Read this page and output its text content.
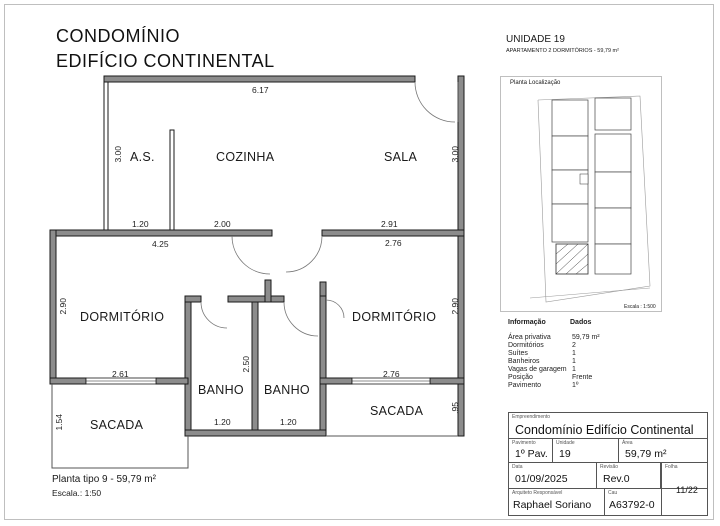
CONDOMÍNIO
EDIFÍCIO CONTINENTAL
A.S.	COZINHA	SALA
DORMITÓRIO	DORMITÓRIO
BANHO BANHO
SACADA
SACADA
6.17
3.00	3.00
1.20	2.00	2.91
4.25	2.76
2.90	2.90
2.61	2.76
1.54
.95
2.50
1.20	1.20
Planta tipo 9 - 59,79 m²
Escala.: 1:50
UNIDADE 19
APARTAMENTO 2 DORMITÓRIOS - 59,79 m²
Planta Localização
Escala : 1:500
Informação	Dados
Área privativa	59,79 m²
Dormitórios	2
Suítes	1
Banheiros	1
Vagas de garagem 1
Posição	Frente
Pavimento	1º
Empreendimento
Condomínio Edifício Continental
Pavimento
1º Pav.
Unidade
19
Área
59,79 m²
Data
01/09/2025
Revisão
Rev.0
Arquiteto Responsável
Raphael Soriano
Cau
A63792-0
Folha
11/22
